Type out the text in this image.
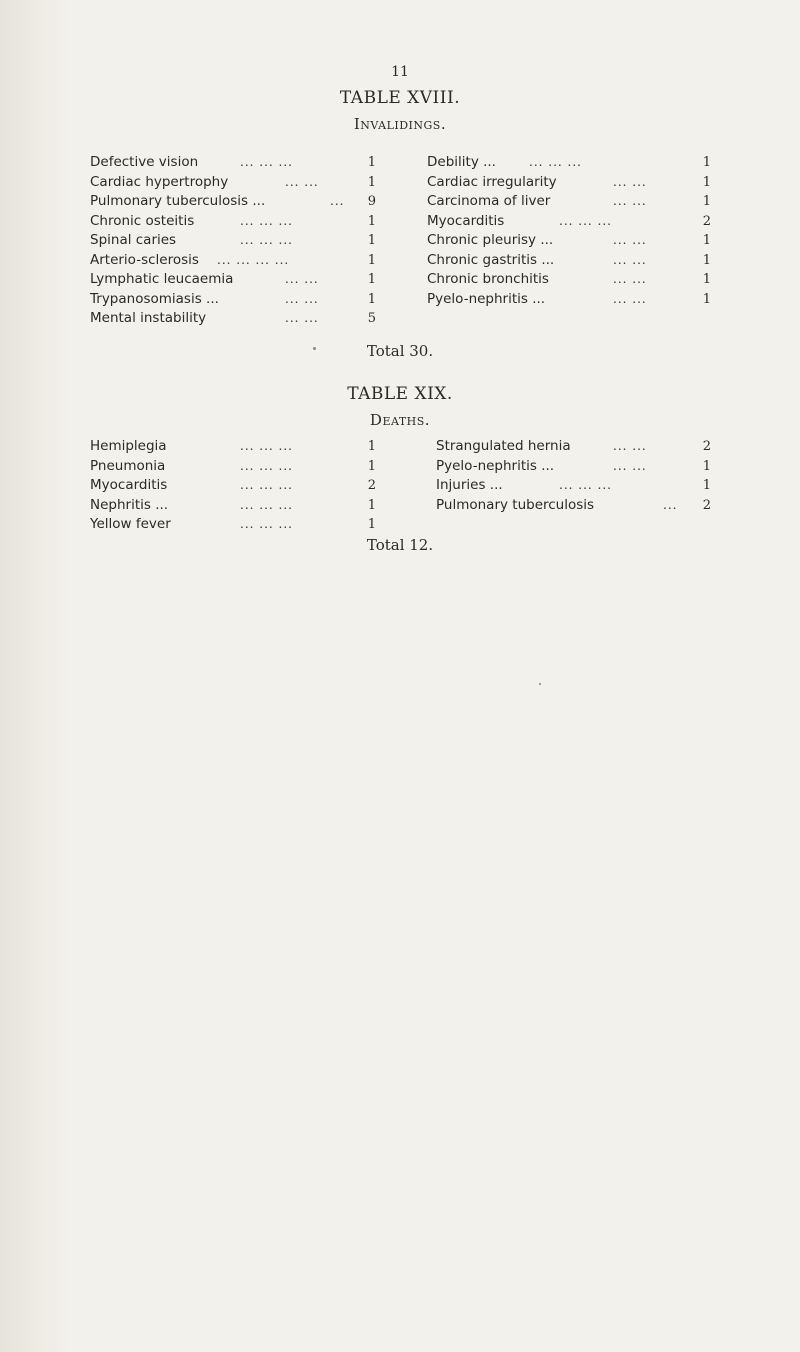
11
TABLE XVIII.
Invalidings.
Defective vision	... ... ...	1
Cardiac hypertrophy	... ...	1
Pulmonary tuberculosis ...	... 9
Chronic osteitis	... ... ...	1
Spinal caries	... ... ...	1
Arterio-sclerosis ... ... ... ...	1
Lymphatic leucaemia	... ...	1
Trypanosomiasis ...	... ...	1
Mental instability	... ...	5
Debility ...	... ... ...	1
Cardiac irregularity	... ...	1
Carcinoma of liver	... ...	1
Myocarditis	... ... ...	2
Chronic pleurisy ...	... ...	1
Chronic gastritis ...	... ...	1
Chronic bronchitis	... ...	1
Pyelo-nephritis ...	... ...	1
Total 30.
TABLE XIX.
Deaths.
Hemiplegia	... ... ...	1
Pneumonia	... ... ...	1
Myocarditis	... ... ...	2
Nephritis ...	... ... ...	1
Yellow fever	... ... ...	1
Strangulated hernia	... ...	2
Pyelo-nephritis ...	... ...	1
Injuries ...	... ... ...	1
Pulmonary tuberculosis	... 2
Total 12.
